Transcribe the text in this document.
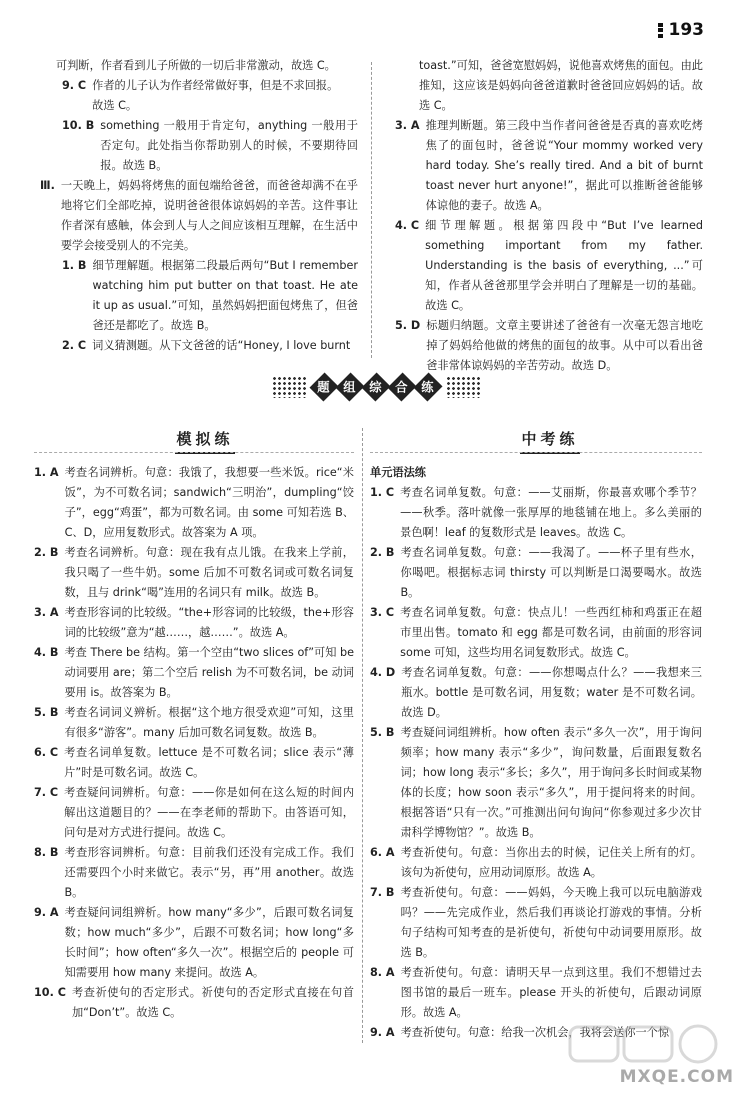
193
可判断，作者看到儿子所做的一切后非常激动，故选 C。
9. C 作者的儿子认为作者经常做好事，但是不求回报。
故选 C。
10. B something 一般用于肯定句，anything 一般用于否定句。此处指当你帮助别人的时候，不要期待回报。故选 B。
Ⅲ. 一天晚上，妈妈将烤焦的面包端给爸爸，而爸爸却满不在乎地将它们全部吃掉，说明爸爸很体谅妈妈的辛苦。这件事让作者深有感触，体会到人与人之间应该相互理解，在生活中要学会接受别人的不完美。
1. B 细节理解题。根据第二段最后两句“But I remember watching him put butter on that toast. He ate it up as usual.”可知，虽然妈妈把面包烤焦了，但爸爸还是都吃了。故选 B。
2. C 词义猜测题。从下文爸爸的话“Honey, I love burnt
toast.”可知，爸爸宽慰妈妈，说他喜欢烤焦的面包。由此推知，这应该是妈妈向爸爸道歉时爸爸回应妈妈的话。故选 C。
3. A 推理判断题。第三段中当作者问爸爸是否真的喜欢吃烤焦了的面包时，爸爸说“Your mommy worked very hard today. She’s really tired. And a bit of burnt toast never hurt anyone!”，据此可以推断爸爸能够体谅他的妻子。故选 A。
4. C 细节理解题。根据第四段中“But I’ve learned something important from my father. Understanding is the basis of everything, ...”可知，作者从爸爸那里学会并明白了理解是一切的基础。故选 C。
5. D 标题归纳题。文章主要讲述了爸爸有一次毫无怨言地吃掉了妈妈给他做的烤焦的面包的故事。从中可以看出爸爸非常体谅妈妈的辛苦劳动。故选 D。
题 组 综 合 练
模拟练	中考练
1. A 考查名词辨析。句意：我饿了，我想要一些米饭。rice“米饭”，为不可数名词；sandwich“三明治”，dumpling“饺子”，egg“鸡蛋”，都为可数名词。由 some 可知若选 B、C、D，应用复数形式。故答案为 A 项。
2. B 考查名词辨析。句意：现在我有点儿饿。在我来上学前，我只喝了一些牛奶。some 后加不可数名词或可数名词复数，且与 drink“喝”连用的名词只有 milk。故选 B。
3. A 考查形容词的比较级。“the+形容词的比较级，the+形容词的比较级”意为“越……，越……”。故选 A。
4. B 考查 There be 结构。第一个空由“two slices of”可知 be 动词要用 are；第二个空后 relish 为不可数名词，be 动词要用 is。故答案为 B。
5. B 考查名词词义辨析。根据“这个地方很受欢迎”可知，这里有很多“游客”。many 后加可数名词复数。故选 B。
6. C 考查名词单复数。lettuce 是不可数名词；slice 表示“薄片”时是可数名词。故选 C。
7. C 考查疑问词辨析。句意：——你是如何在这么短的时间内解出这道题目的？——在李老师的帮助下。由答语可知，问句是对方式进行提问。故选 C。
8. B 考查形容词辨析。句意：目前我们还没有完成工作。我们还需要四个小时来做它。表示“另，再”用 another。故选 B。
9. A 考查疑问词组辨析。how many“多少”，后跟可数名词复数；how much“多少”，后跟不可数名词；how long“多长时间”；how often“多久一次”。根据空后的 people 可知需要用 how many 来提问。故选 A。
10. C 考查祈使句的否定形式。祈使句的否定形式直接在句首加“Don’t”。故选 C。
单元语法练
1. C 考查名词单复数。句意：——艾丽斯，你最喜欢哪个季节？——秋季。落叶就像一张厚厚的地毯铺在地上。多么美丽的景色啊！leaf 的复数形式是 leaves。故选 C。
2. B 考查名词单复数。句意：——我渴了。——杯子里有些水，你喝吧。根据标志词 thirsty 可以判断是口渴要喝水。故选 B。
3. C 考查名词单复数。句意：快点儿！一些西红柿和鸡蛋正在超市里出售。tomato 和 egg 都是可数名词，由前面的形容词 some 可知，这些均用名词复数形式。故选 C。
4. D 考查名词单复数。句意：——你想喝点什么？——我想来三瓶水。bottle 是可数名词，用复数；water 是不可数名词。故选 D。
5. B 考查疑问词组辨析。how often 表示“多久一次”，用于询问频率；how many 表示“多少”，询问数量，后面跟复数名词；how long 表示“多长；多久”，用于询问多长时间或某物体的长度；how soon 表示“多久”，用于提问将来的时间。根据答语“只有一次。”可推测出问句询问“你参观过多少次甘肃科学博物馆？”。故选 B。
6. A 考查祈使句。句意：当你出去的时候，记住关上所有的灯。该句为祈使句，应用动词原形。故选 A。
7. B 考查祈使句。句意：——妈妈，今天晚上我可以玩电脑游戏吗？——先完成作业，然后我们再谈论打游戏的事情。分析句子结构可知考查的是祈使句，祈使句中动词要用原形。故选 B。
8. A 考查祈使句。句意：请明天早一点到这里。我们不想错过去图书馆的最后一班车。please 开头的祈使句，后跟动词原形。故选 A。
9. A 考查祈使句。句意：给我一次机会，我将会送你一个惊
MXQE.COM
